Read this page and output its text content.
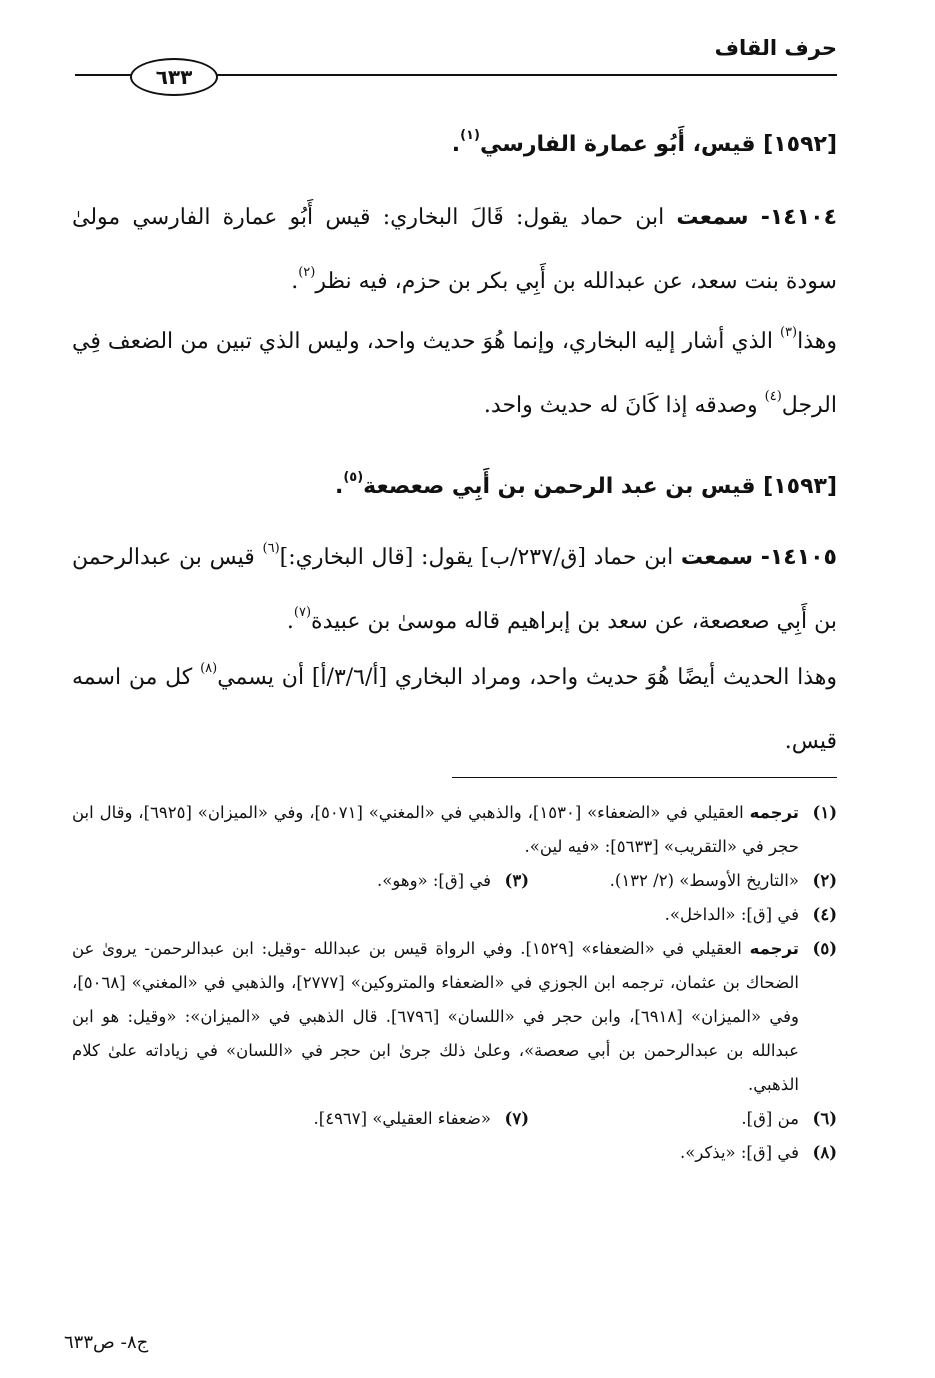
حرف القاف
٦٣٣
[١٥٩٢] قيس، أَبُو عمارة الفارسي$^{(١)}$.
١٤١٠٤- سمعت ابن حماد يقول: قَالَ البخاري: قيس أَبُو عمارة الفارسي مولىٰ سودة بنت سعد، عن عبدالله بن أَبِي بكر بن حزم، فيه نظر$^{(٢)}$.
وهذا$^{(٣)}$ الذي أشار إليه البخاري، وإنما هُوَ حديث واحد، وليس الذي تبين من الضعف فِي الرجل$^{(٤)}$ وصدقه إذا كَانَ له حديث واحد.
[١٥٩٣] قيس بن عبد الرحمن بن أَبِي صعصعة$^{(٥)}$.
١٤١٠٥- سمعت ابن حماد [ق/٢٣٧/ب] يقول: [قال البخاري:]$^{(٦)}$ قيس بن عبدالرحمن بن أَبِي صعصعة، عن سعد بن إبراهيم قاله موسىٰ بن عبيدة$^{(٧)}$.
وهذا الحديث أيضًا هُوَ حديث واحد، ومراد البخاري [أ/٣/٦/أ] أن يسمي$^{(٨)}$ كل من اسمه قيس.
(١)
ترجمه العقيلي في «الضعفاء» [١٥٣٠]، والذهبي في «المغني» [٥٠٧١]، وفي «الميزان» [٦٩٢٥]، وقال ابن حجر في «التقريب» [٥٦٣٣]: «فيه لين».
(٢)
«التاريخ الأوسط» (٢/ ١٣٢).
(٣)
في [ق]: «وهو».
(٤)
في [ق]: «الداخل».
(٥)
ترجمه العقيلي في «الضعفاء» [١٥٢٩]. وفي الرواة قيس بن عبدالله -وقيل: ابن عبدالرحمن- يروىٰ عن الضحاك بن عثمان، ترجمه ابن الجوزي في «الضعفاء والمتروكين» [٢٧٧٧]، والذهبي في «المغني» [٥٠٦٨]، وفي «الميزان» [٦٩١٨]، وابن حجر في «اللسان» [٦٧٩٦]. قال الذهبي في «الميزان»: «وقيل: هو ابن عبدالله بن عبدالرحمن بن أبي صعصة»، وعلىٰ ذلك جرىٰ ابن حجر في «اللسان» في زياداته علىٰ كلام الذهبي.
(٦)
من [ق].
(٧)
«ضعفاء العقيلي» [٤٩٦٧].
(٨)
في [ق]: «يذكر».
ج٨- ص٦٣٣
